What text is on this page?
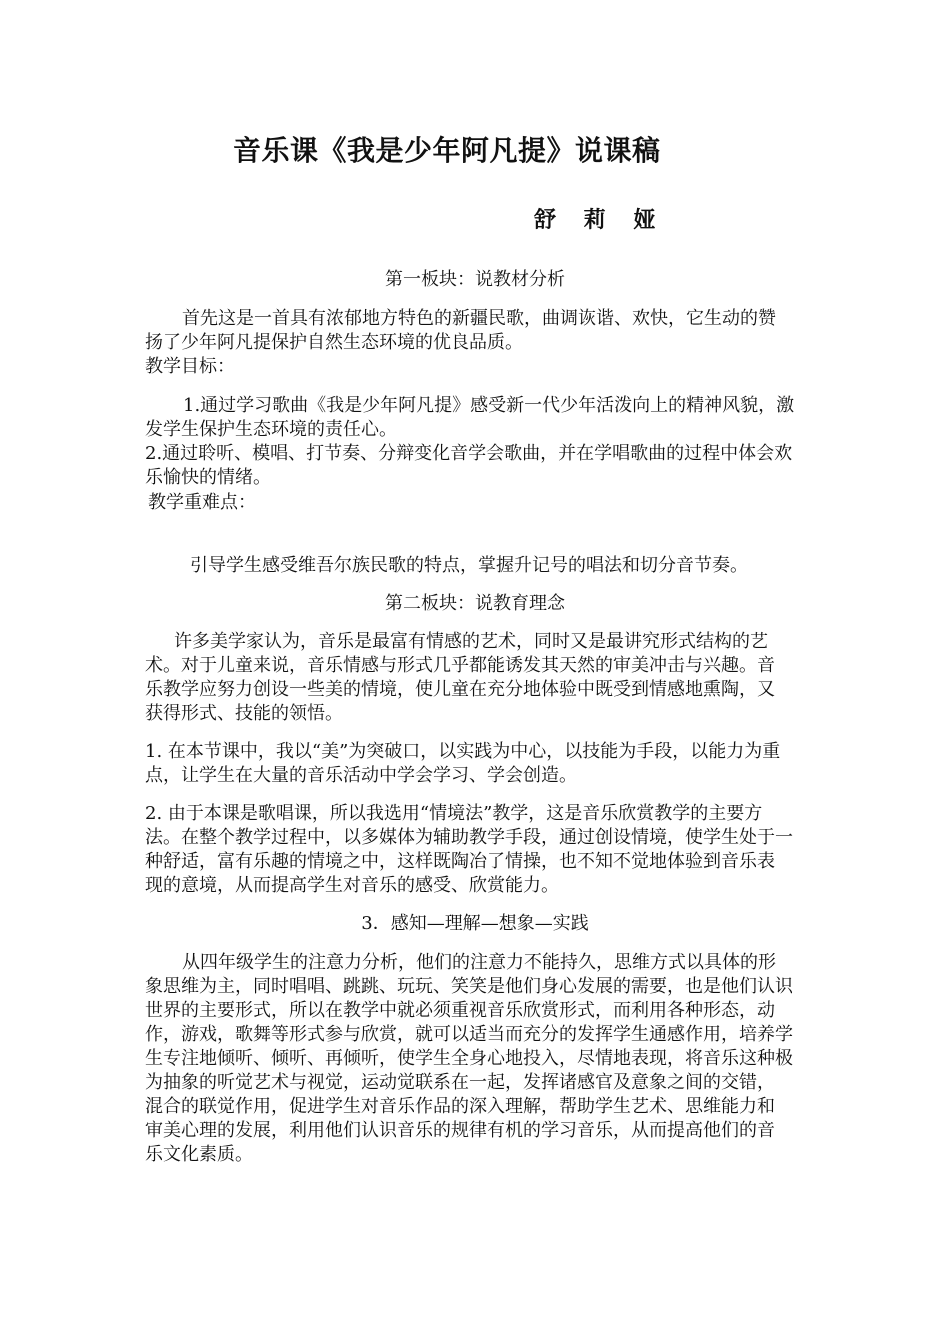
音乐课《我是少年阿凡提》说课稿
舒 莉 娅
第一板块：说教材分析
首先这是一首具有浓郁地方特色的新疆民歌，曲调诙谐、欢快，它生动的赞
扬了少年阿凡提保护自然生态环境的优良品质。
教学目标：
1.通过学习歌曲《我是少年阿凡提》感受新一代少年活泼向上的精神风貌，激
发学生保护生态环境的责任心。
2.通过聆听、模唱、打节奏、分辩变化音学会歌曲，并在学唱歌曲的过程中体会欢
乐愉快的情绪。
教学重难点：
引导学生感受维吾尔族民歌的特点，掌握升记号的唱法和切分音节奏。
第二板块：说教育理念
许多美学家认为，音乐是最富有情感的艺术，同时又是最讲究形式结构的艺
术。对于儿童来说，音乐情感与形式几乎都能诱发其天然的审美冲击与兴趣。音
乐教学应努力创设一些美的情境，使儿童在充分地体验中既受到情感地熏陶，又
获得形式、技能的领悟。
1. 在本节课中，我以“美”为突破口，以实践为中心，以技能为手段，以能力为重
点，让学生在大量的音乐活动中学会学习、学会创造。
2. 由于本课是歌唱课，所以我选用“情境法”教学，这是音乐欣赏教学的主要方
法。在整个教学过程中，以多媒体为辅助教学手段，通过创设情境，使学生处于一
种舒适，富有乐趣的情境之中，这样既陶冶了情操，也不知不觉地体验到音乐表
现的意境，从而提高学生对音乐的感受、欣赏能力。
3．感知—理解—想象—实践
从四年级学生的注意力分析，他们的注意力不能持久，思维方式以具体的形
象思维为主，同时唱唱、跳跳、玩玩、笑笑是他们身心发展的需要，也是他们认识
世界的主要形式，所以在教学中就必须重视音乐欣赏形式，而利用各种形态，动
作，游戏，歌舞等形式参与欣赏，就可以适当而充分的发挥学生通感作用，培养学
生专注地倾听、倾听、再倾听，使学生全身心地投入，尽情地表现，将音乐这种极
为抽象的听觉艺术与视觉，运动觉联系在一起，发挥诸感官及意象之间的交错，
混合的联觉作用，促进学生对音乐作品的深入理解，帮助学生艺术、思维能力和
审美心理的发展，利用他们认识音乐的规律有机的学习音乐，从而提高他们的音
乐文化素质。
